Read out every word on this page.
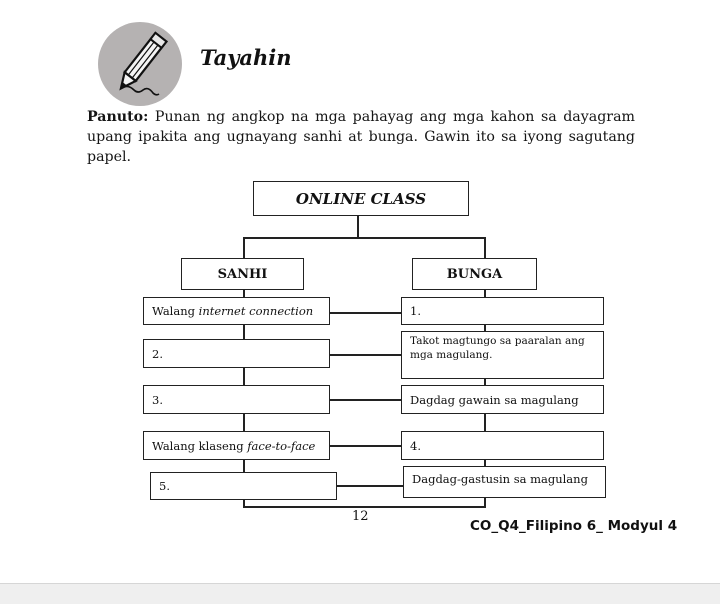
Tayahin
Panuto: Punan ng angkop na mga pahayag ang mga kahon sa dayagram upang ipakita ang ugnayang sanhi at bunga. Gawin ito sa iyong sagutang papel.
ONLINE CLASS
SANHI	BUNGA
Walang internet connection
2.
3.
Walang klaseng face-to-face
5.
1.
Takot magtungo sa paaralan ang mga magulang.
Dagdag gawain sa magulang
4.
Dagdag-gastusin sa magulang
12
CO_Q4_Filipino 6_ Modyul 4
